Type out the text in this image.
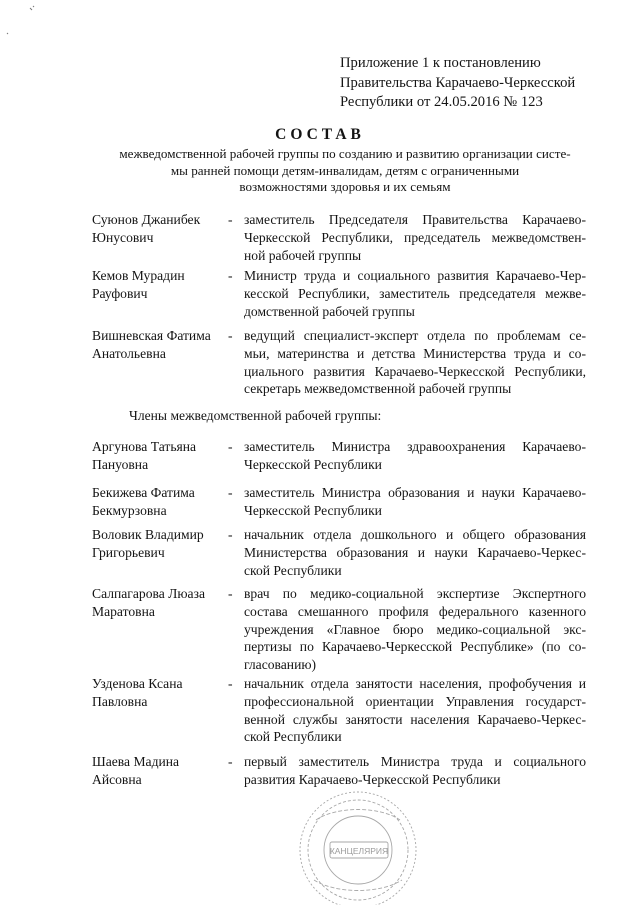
Приложение 1 к постановлению
Правительства Карачаево-Черкесской
Республики от 24.05.2016 № 123
СОСТАВ
межведомственной рабочей группы по созданию и развитию организации систе-
мы ранней помощи детям-инвалидам, детям с ограниченными
возможностями здоровья и их семьям
Суюнов Джанибек
Юнусович
- заместитель Председателя Правительства Карачаево-
Черкесской Республики, председатель межведомствен-
ной рабочей группы
Кемов Мурадин
Рауфович
- Министр труда и социального развития Карачаево-Чер-
кесской Республики, заместитель председателя межве-
домственной рабочей группы
Вишневская Фатима
Анатольевна
- ведущий специалист-эксперт отдела по проблемам се-
мьи, материнства и детства Министерства труда и со-
циального развития Карачаево-Черкесской Республики,
секретарь межведомственной рабочей группы
Члены межведомственной рабочей группы:
Аргунова Татьяна
Пануовна
- заместитель Министра здравоохранения Карачаево-
Черкесской Республики
Бекижева Фатима
Бекмурзовна
- заместитель Министра образования и науки Карачаево-
Черкесской Республики
Воловик Владимир
Григорьевич
- начальник отдела дошкольного и общего образования
Министерства образования и науки Карачаево-Черкес-
ской Республики
Салпагарова Люаза
Маратовна
- врач по медико-социальной экспертизе Экспертного
состава смешанного профиля федерального казенного
учреждения «Главное бюро медико-социальной экс-
пертизы по Карачаево-Черкесской Республике» (по со-
гласованию)
Узденова Ксана
Павловна
- начальник отдела занятости населения, профобучения и
профессиональной ориентации Управления государст-
венной службы занятости населения Карачаево-Черкес-
ской Республики
Шаева Мадина
Айсовна
- первый заместитель Министра труда и социального
развития Карачаево-Черкесской Республики
КАНЦЕЛЯРИЯ
